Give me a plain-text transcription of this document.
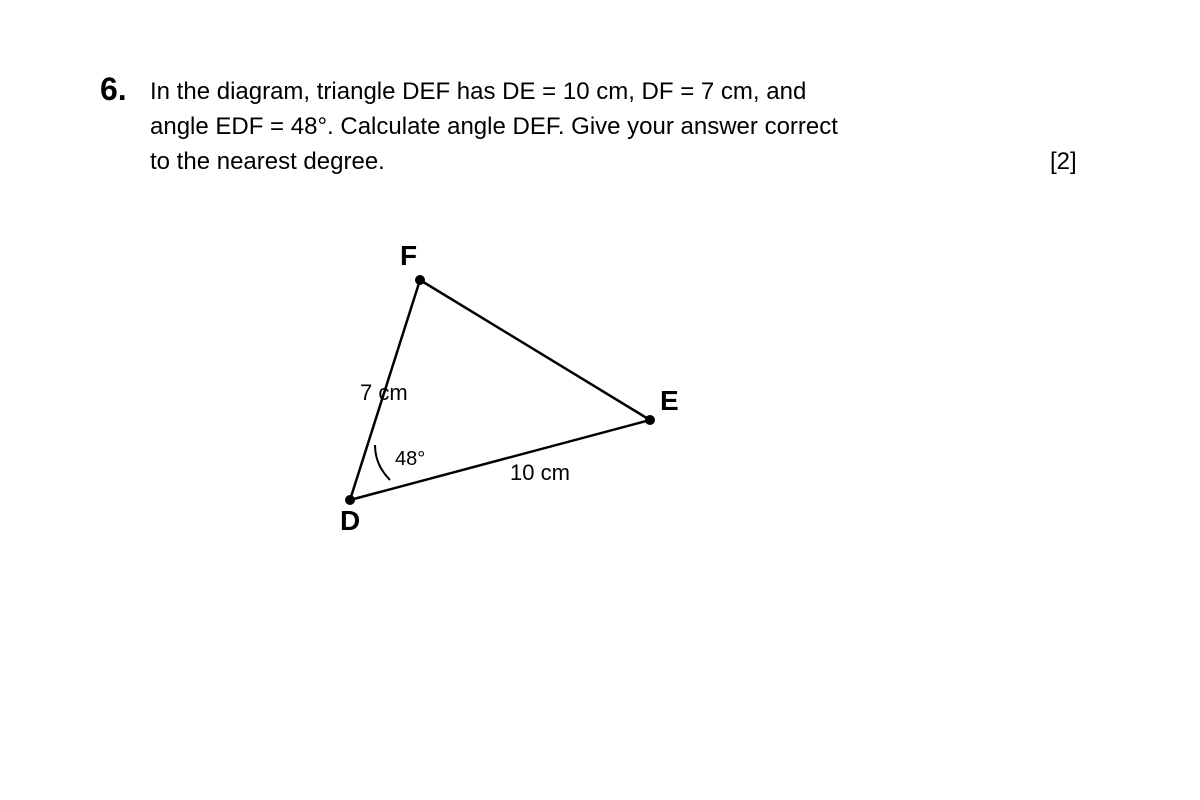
6. In the diagram, triangle DEF has DE = 10 cm, DF = 7 cm, and
angle EDF = 48°. Calculate angle DEF. Give your answer correct
to the nearest degree.	[2]
F
E
D
7 cm
10 cm
48°
